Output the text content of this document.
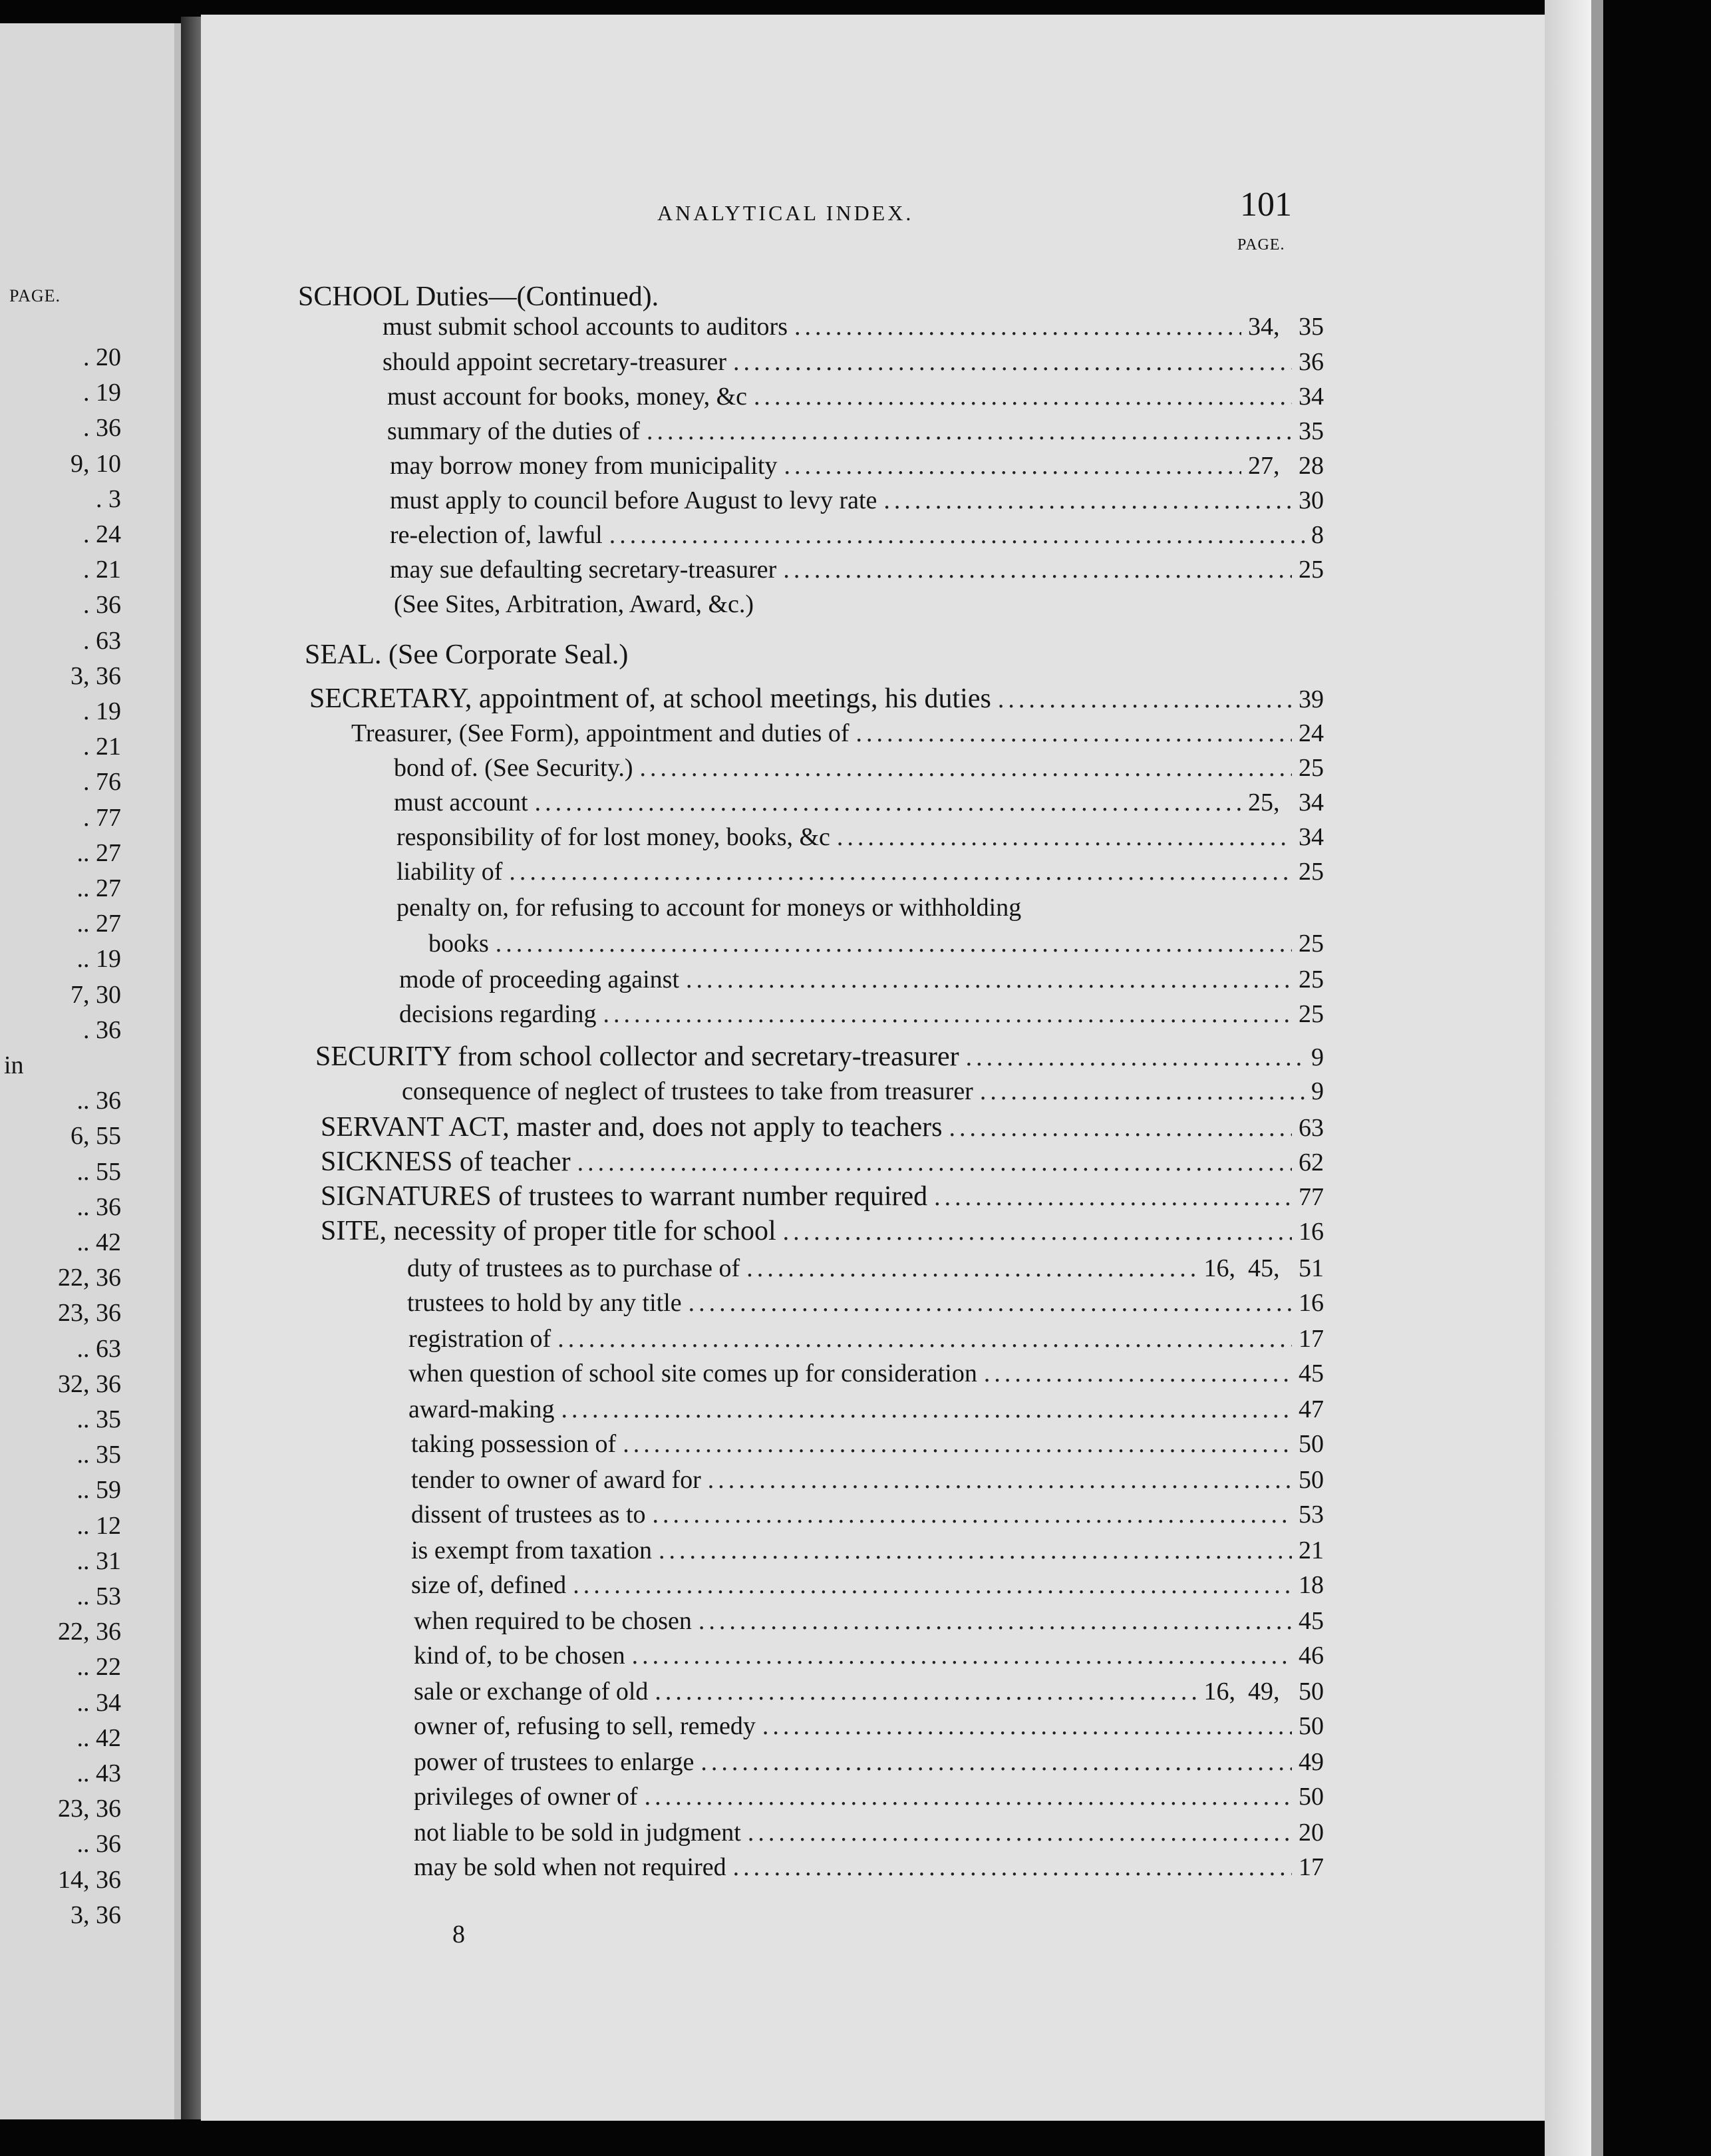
PAGE.
. 20
. 19
. 36
9, 10
. 3
. 24
. 21
. 36
. 63
3, 36
. 19
. 21
. 76
. 77
.. 27
.. 27
.. 27
.. 19
7, 30
. 36
in
.. 36
6, 55
.. 55
.. 36
.. 42
22, 36
23, 36
.. 63
32, 36
.. 35
.. 35
.. 59
.. 12
.. 31
.. 53
22, 36
.. 22
.. 34
.. 42
.. 43
23, 36
.. 36
14, 36
3, 36
ANALYTICAL INDEX.	101
PAGE.
SCHOOL Duties—(Continued).
must submit school accounts to auditors .....	34,   35
should appoint secretary-treasurer .....	36
must account for books, money, &c .....	34
summary of the duties of .....	35
may borrow money from municipality .....	27,   28
must apply to council before August to levy rate .....	30
re-election of, lawful .....	8
may sue defaulting secretary-treasurer .....	25
(See Sites, Arbitration, Award, &c.)
SEAL. (See Corporate Seal.)
SECRETARY, appointment of, at school meetings, his duties .....	39
Treasurer, (See Form), appointment and duties of .....	24
bond of. (See Security.) .....	25
must account .....	25,   34
responsibility of for lost money, books, &c .....	34
liability of .....	25
penalty on, for refusing to account for moneys or withholding
books .....	25
mode of proceeding against .....	25
decisions regarding .....	25
SECURITY from school collector and secretary-treasurer .....	9
consequence of neglect of trustees to take from treasurer .....	9
SERVANT ACT, master and, does not apply to teachers .....	63
SICKNESS of teacher .....	62
SIGNATURES of trustees to warrant number required .....	77
SITE, necessity of proper title for school .....	16
duty of trustees as to purchase of .....	16,  45,   51
trustees to hold by any title .....	16
registration of .....	17
when question of school site comes up for consideration .....	45
award-making .....	47
taking possession of .....	50
tender to owner of award for .....	50
dissent of trustees as to .....	53
is exempt from taxation .....	21
size of, defined .....	18
when required to be chosen .....	45
kind of, to be chosen .....	46
sale or exchange of old .....	16,  49,   50
owner of, refusing to sell, remedy .....	50
power of trustees to enlarge .....	49
privileges of owner of .....	50
not liable to be sold in judgment .....	20
may be sold when not required .....	17
8
